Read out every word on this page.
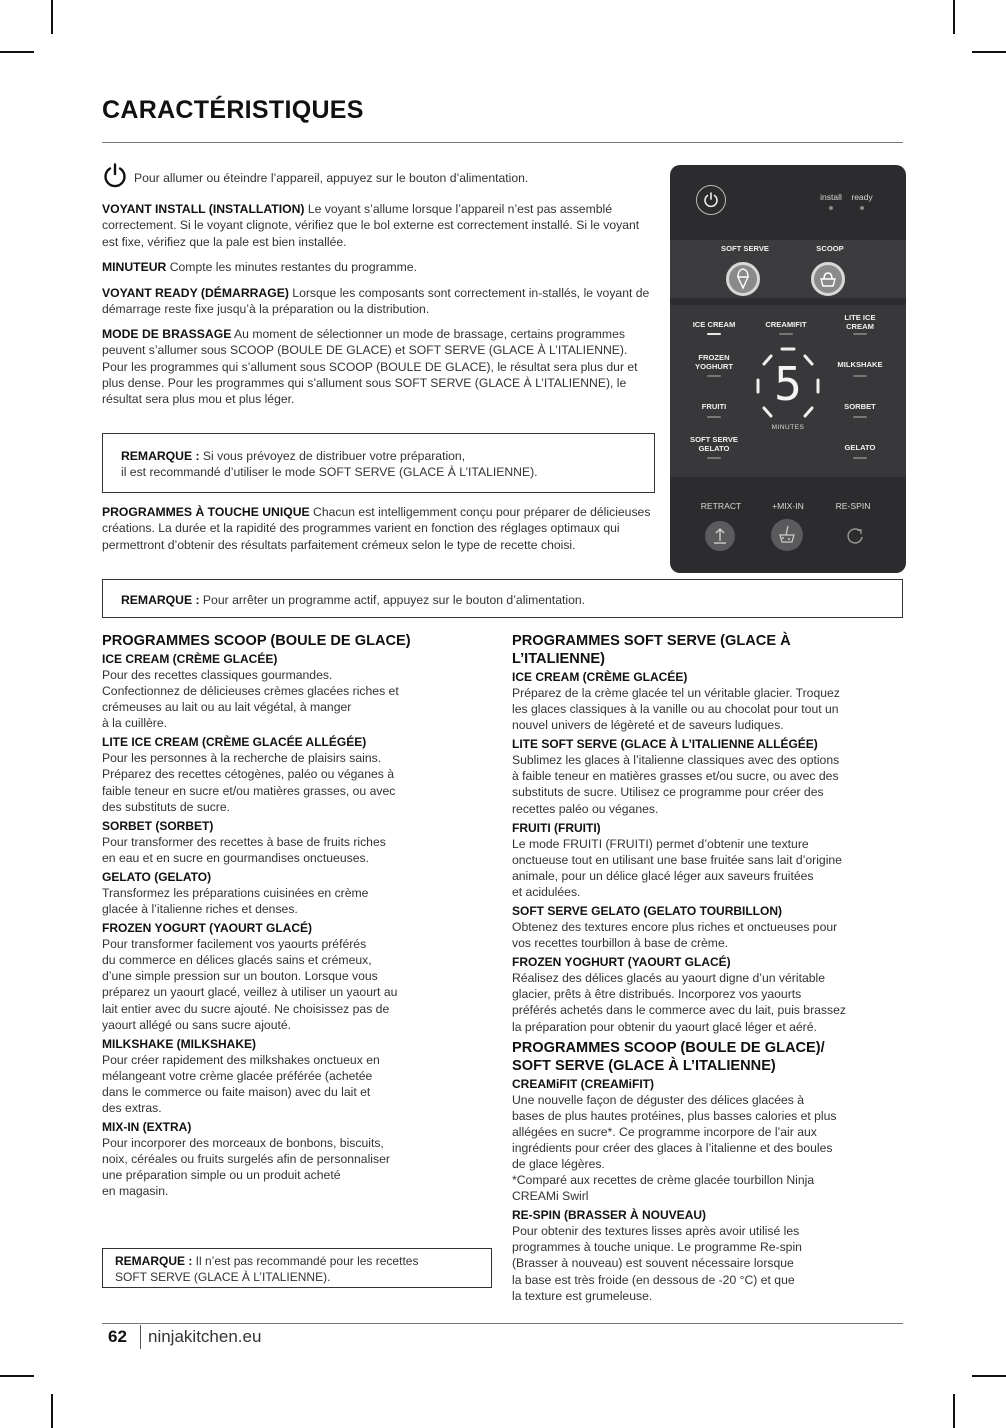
CARACTÉRISTIQUES
Pour allumer ou éteindre l’appareil, appuyez sur le bouton d’alimentation.
VOYANT INSTALL (INSTALLATION) Le voyant s’allume lorsque l’appareil n’est pas assemblé correctement. Si le voyant clignote, vérifiez que le bol externe est correctement installé. Si le voyant est fixe, vérifiez que la pale est bien installée.
MINUTEUR Compte les minutes restantes du programme.
VOYANT READY (DÉMARRAGE) Lorsque les composants sont correctement in-stallés, le voyant de démarrage reste fixe jusqu’à la préparation ou la distribution.
MODE DE BRASSAGE Au moment de sélectionner un mode de brassage, certains programmes peuvent s’allumer sous SCOOP (BOULE DE GLACE) et SOFT SERVE (GLACE À L’ITALIENNE). Pour les programmes qui s’allument sous SCOOP (BOULE DE GLACE), le résultat sera plus dur et plus dense. Pour les programmes qui s’allument sous SOFT SERVE (GLACE À L’ITALIENNE), le résultat sera plus mou et plus léger.
REMARQUE : Si vous prévoyez de distribuer votre préparation,
il est recommandé d’utiliser le mode SOFT SERVE (GLACE À L’ITALIENNE).
PROGRAMMES À TOUCHE UNIQUE Chacun est intelligemment conçu pour préparer de délicieuses créations. La durée et la rapidité des programmes varient en fonction des réglages optimaux qui permettront d’obtenir des résultats parfaitement crémeux selon le type de recette choisi.
install	ready
SOFT SERVE	SCOOP
ICE CREAM	CREAMIFIT
LITE ICE
CREAM
FROZEN
YOGHURT	MILKSHAKE
FRUITI	SORBET
SOFT SERVE
GELATO	GELATO
5
MINUTES
RETRACT	+MIX-IN	RE-SPIN
REMARQUE : Pour arrêter un programme actif, appuyez sur le bouton d’alimentation.
PROGRAMMES SCOOP (BOULE DE GLACE)
ICE CREAM (CRÈME GLACÉE)
Pour des recettes classiques gourmandes.
Confectionnez de délicieuses crèmes glacées riches et
crémeuses au lait ou au lait végétal, à manger
à la cuillère.
LITE ICE CREAM (CRÈME GLACÉE ALLÉGÉE)
Pour les personnes à la recherche de plaisirs sains.
Préparez des recettes cétogènes, paléo ou véganes à
faible teneur en sucre et/ou matières grasses, ou avec
des substituts de sucre.
SORBET (SORBET)
Pour transformer des recettes à base de fruits riches
en eau et en sucre en gourmandises onctueuses.
GELATO (GELATO)
Transformez les préparations cuisinées en crème
glacée à l’italienne riches et denses.
FROZEN YOGURT (YAOURT GLACÉ)
Pour transformer facilement vos yaourts préférés
du commerce en délices glacés sains et crémeux,
d’une simple pression sur un bouton. Lorsque vous
préparez un yaourt glacé, veillez à utiliser un yaourt au
lait entier avec du sucre ajouté. Ne choisissez pas de
yaourt allégé ou sans sucre ajouté.
MILKSHAKE (MILKSHAKE)
Pour créer rapidement des milkshakes onctueux en
mélangeant votre crème glacée préférée (achetée
dans le commerce ou faite maison) avec du lait et
des extras.
MIX-IN (EXTRA)
Pour incorporer des morceaux de bonbons, biscuits,
noix, céréales ou fruits surgelés afin de personnaliser
une préparation simple ou un produit acheté
en magasin.
REMARQUE : Il n’est pas recommandé pour les recettes
SOFT SERVE (GLACE À L’ITALIENNE).
PROGRAMMES SOFT SERVE (GLACE À
L’ITALIENNE)
ICE CREAM (CRÈME GLACÉE)
Préparez de la crème glacée tel un véritable glacier. Troquez
les glaces classiques à la vanille ou au chocolat pour tout un
nouvel univers de légèreté et de saveurs ludiques.
LITE SOFT SERVE (GLACE À L’ITALIENNE ALLÉGÉE)
Sublimez les glaces à l’italienne classiques avec des options
à faible teneur en matières grasses et/ou sucre, ou avec des
substituts de sucre. Utilisez ce programme pour créer des
recettes paléo ou véganes.
FRUITI (FRUITI)
Le mode FRUITI (FRUITI) permet d’obtenir une texture
onctueuse tout en utilisant une base fruitée sans lait d’origine
animale, pour un délice glacé léger aux saveurs fruitées
et acidulées.
SOFT SERVE GELATO (GELATO TOURBILLON)
Obtenez des textures encore plus riches et onctueuses pour
vos recettes tourbillon à base de crème.
FROZEN YOGHURT (YAOURT GLACÉ)
Réalisez des délices glacés au yaourt digne d’un véritable
glacier, prêts à être distribués. Incorporez vos yaourts
préférés achetés dans le commerce avec du lait, puis brassez
la préparation pour obtenir du yaourt glacé léger et aéré.
PROGRAMMES SCOOP (BOULE DE GLACE)/
SOFT SERVE (GLACE À L’ITALIENNE)
CREAMiFIT (CREAMiFIT)
Une nouvelle façon de déguster des délices glacées à
bases de plus hautes protéines, plus basses calories et plus
allégées en sucre*. Ce programme incorpore de l’air aux
ingrédients pour créer des glaces à l’italienne et des boules
de glace légères.
*Comparé aux recettes de crème glacée tourbillon Ninja
CREAMi Swirl
RE-SPIN (BRASSER À NOUVEAU)
Pour obtenir des textures lisses après avoir utilisé les
programmes à touche unique. Le programme Re-spin
(Brasser à nouveau) est souvent nécessaire lorsque
la base est très froide (en dessous de -20 °C) et que
la texture est grumeleuse.
62 ninjakitchen.eu
